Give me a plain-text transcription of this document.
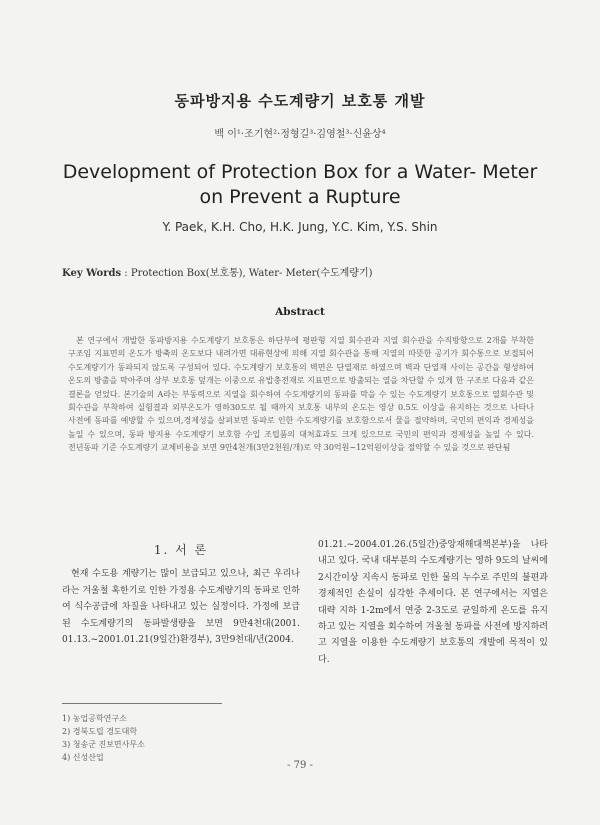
동파방지용 수도계량기 보호통 개발
백 이¹·조기현²·정형길³·김영철³·신윤상⁴
Development of Protection Box for a Water- Meter on Prevent a Rupture
Y. Paek, K.H. Cho, H.K. Jung, Y.C. Kim, Y.S. Shin
Key Words : Protection Box(보호통), Water- Meter(수도계량기)
Abstract
본 연구에서 개발한 동파방지용 수도계량기 보호통은 하단부에 평판형 지열 회수관과 지열 회수관을 수직방향으로 2개를 부착한 구조임 지표면의 온도가 방축의 온도보다 내려가면 대류현상에 의해 지열 회수관을 통해 지열의 따뜻한 공기가 회수통으로 보접되어 수도계량기가 동파되지 않도록 구성되어 있다. 수도계량기 보호통의 벽면은 단열재로 하였으며 벽과 단열재 사이는 공간을 형성하여 온도의 방출을 막아주며 상부 보호통 덮개는 이중으로 유밥충전재로 지표면으로 방출되는 열을 차단할 수 있게 한 구조로 다음과 같은 결론을 얻었다. 본기술의 A라는 부동력으로 지열을 회수하여 수도계량기의 동파를 막을 수 있는 수도계량기 보호통으로 열회수관 및 회수관을 부착하여 실험결과 외부온도가 영하30도로 될 때까지 보호통 내부의 온도는 영상 0.5도 이상을 유지하는 것으로 나타나 사전에 동파를 예방할 수 있으며,경제성을 살펴보면 동파로 인한 수도계량기를 보호함으로서 물을 절약하며, 국민의 편익과 경제성을 높일 수 있으며, 동파 방지용 수도계량기 보호함 수입 조립품의 대처효과도 크게 있으므로 국민의 편익과 경제성을 높일 수 있다. 전년동파 기준 수도계량기 교체비용을 보면 9만4천개(3만2천원/개)로 약 30억원~12억원이상을 절약할 수 있을 것으로 판단됨
1. 서 론

현재 수도용 계량기는 많이 보급되고 있으나, 최근 우리나라는 겨울철 혹한기로 인한 가정용 수도계량기의 동파로 인하여 식수공급에 차질을 나타내고 있는 실정이다. 가정에 보급된 수도계량기의 동파발생량을 보면 9만4천대(2001. 01.13.~2001.01.21(9일간)환경부), 3만9천대/년(2004.

01.21.~2004.01.26.(5일간)중앙재해대책본부)을 나타내고 있다. 국내 대부분의 수도계량기는 영하 9도의 날씨에 2시간이상 지속시 동파로 인한 물의 누수로 주민의 불편과 경제적인 손실이 심각한 추세이다. 본 연구에서는 지열은 대략 지하 1-2m에서 연중 2-3도로 균일하게 온도를 유지하고 있는 지열을 회수하여 겨울철 동파를 사전에 방지하려고 지열을 이용한 수도계량기 보호통의 개발에 목적이 있다.

1) 농업공학연구소
2) 경북도립 경도대학
3) 청송군 진보면사무소
4) 신성산업
- 79 -
